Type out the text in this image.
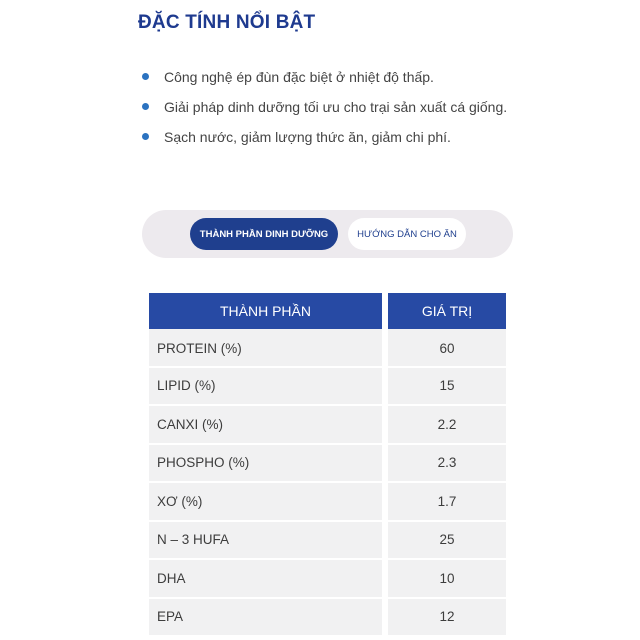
ĐẶC TÍNH NỔI BẬT
Công nghệ ép đùn đặc biệt ở nhiệt độ thấp.
Giải pháp dinh dưỡng tối ưu cho trại sản xuất cá giống.
Sạch nước, giảm lượng thức ăn, giảm chi phí.
THÀNH PHẦN DINH DƯỠNG	HƯỚNG DẪN CHO ĂN
THÀNH PHẦN	GIÁ TRỊ
PROTEIN (%)	60
LIPID (%)	15
CANXI (%)	2.2
PHOSPHO (%)	2.3
XƠ (%)	1.7
N – 3 HUFA	25
DHA	10
EPA	12
